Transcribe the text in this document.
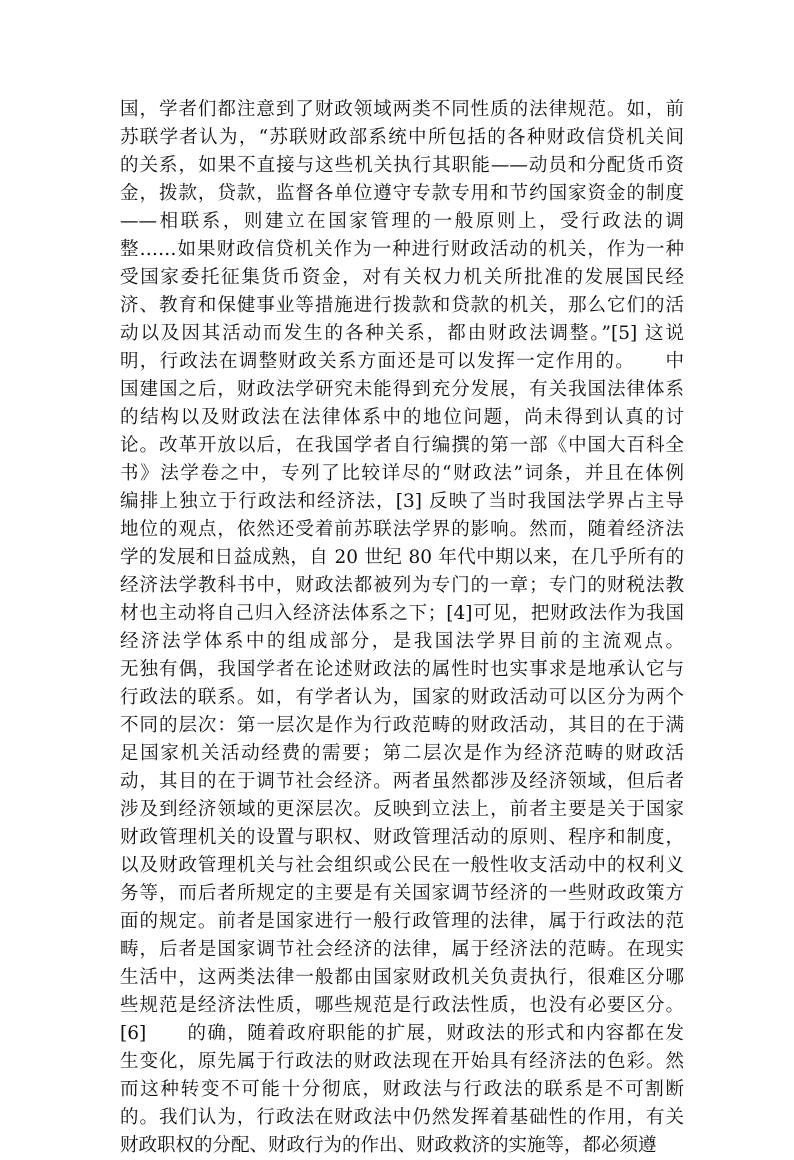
国，学者们都注意到了财政领域两类不同性质的法律规范。如，前
苏联学者认为，“苏联财政部系统中所包括的各种财政信贷机关间
的关系，如果不直接与这些机关执行其职能——动员和分配货币资
金，拨款，贷款，监督各单位遵守专款专用和节约国家资金的制度
——相联系，则建立在国家管理的一般原则上，受行政法的调
整……如果财政信贷机关作为一种进行财政活动的机关，作为一种
受国家委托征集货币资金，对有关权力机关所批准的发展国民经
济、教育和保健事业等措施进行拨款和贷款的机关，那么它们的活
动以及因其活动而发生的各种关系，都由财政法调整。”[5] 这说
明，行政法在调整财政关系方面还是可以发挥一定作用的。　　中
国建国之后，财政法学研究未能得到充分发展，有关我国法律体系
的结构以及财政法在法律体系中的地位问题，尚未得到认真的讨
论。改革开放以后，在我国学者自行编撰的第一部《中国大百科全
书》法学卷之中，专列了比较详尽的“财政法”词条，并且在体例
编排上独立于行政法和经济法，[3] 反映了当时我国法学界占主导
地位的观点，依然还受着前苏联法学界的影响。然而，随着经济法
学的发展和日益成熟，自 20 世纪 80 年代中期以来，在几乎所有的
经济法学教科书中，财政法都被列为专门的一章；专门的财税法教
材也主动将自己归入经济法体系之下；[4]可见，把财政法作为我国
经济法学体系中的组成部分，是我国法学界目前的主流观点。
无独有偶，我国学者在论述财政法的属性时也实事求是地承认它与
行政法的联系。如，有学者认为，国家的财政活动可以区分为两个
不同的层次：第一层次是作为行政范畴的财政活动，其目的在于满
足国家机关活动经费的需要；第二层次是作为经济范畴的财政活
动，其目的在于调节社会经济。两者虽然都涉及经济领域，但后者
涉及到经济领域的更深层次。反映到立法上，前者主要是关于国家
财政管理机关的设置与职权、财政管理活动的原则、程序和制度，
以及财政管理机关与社会组织或公民在一般性收支活动中的权利义
务等，而后者所规定的主要是有关国家调节经济的一些财政政策方
面的规定。前者是国家进行一般行政管理的法律，属于行政法的范
畴，后者是国家调节社会经济的法律，属于经济法的范畴。在现实
生活中，这两类法律一般都由国家财政机关负责执行，很难区分哪
些规范是经济法性质，哪些规范是行政法性质，也没有必要区分。
[6]　　的确，随着政府职能的扩展，财政法的形式和内容都在发
生变化，原先属于行政法的财政法现在开始具有经济法的色彩。然
而这种转变不可能十分彻底，财政法与行政法的联系是不可割断
的。我们认为，行政法在财政法中仍然发挥着基础性的作用，有关
财政职权的分配、财政行为的作出、财政救济的实施等，都必须遵
